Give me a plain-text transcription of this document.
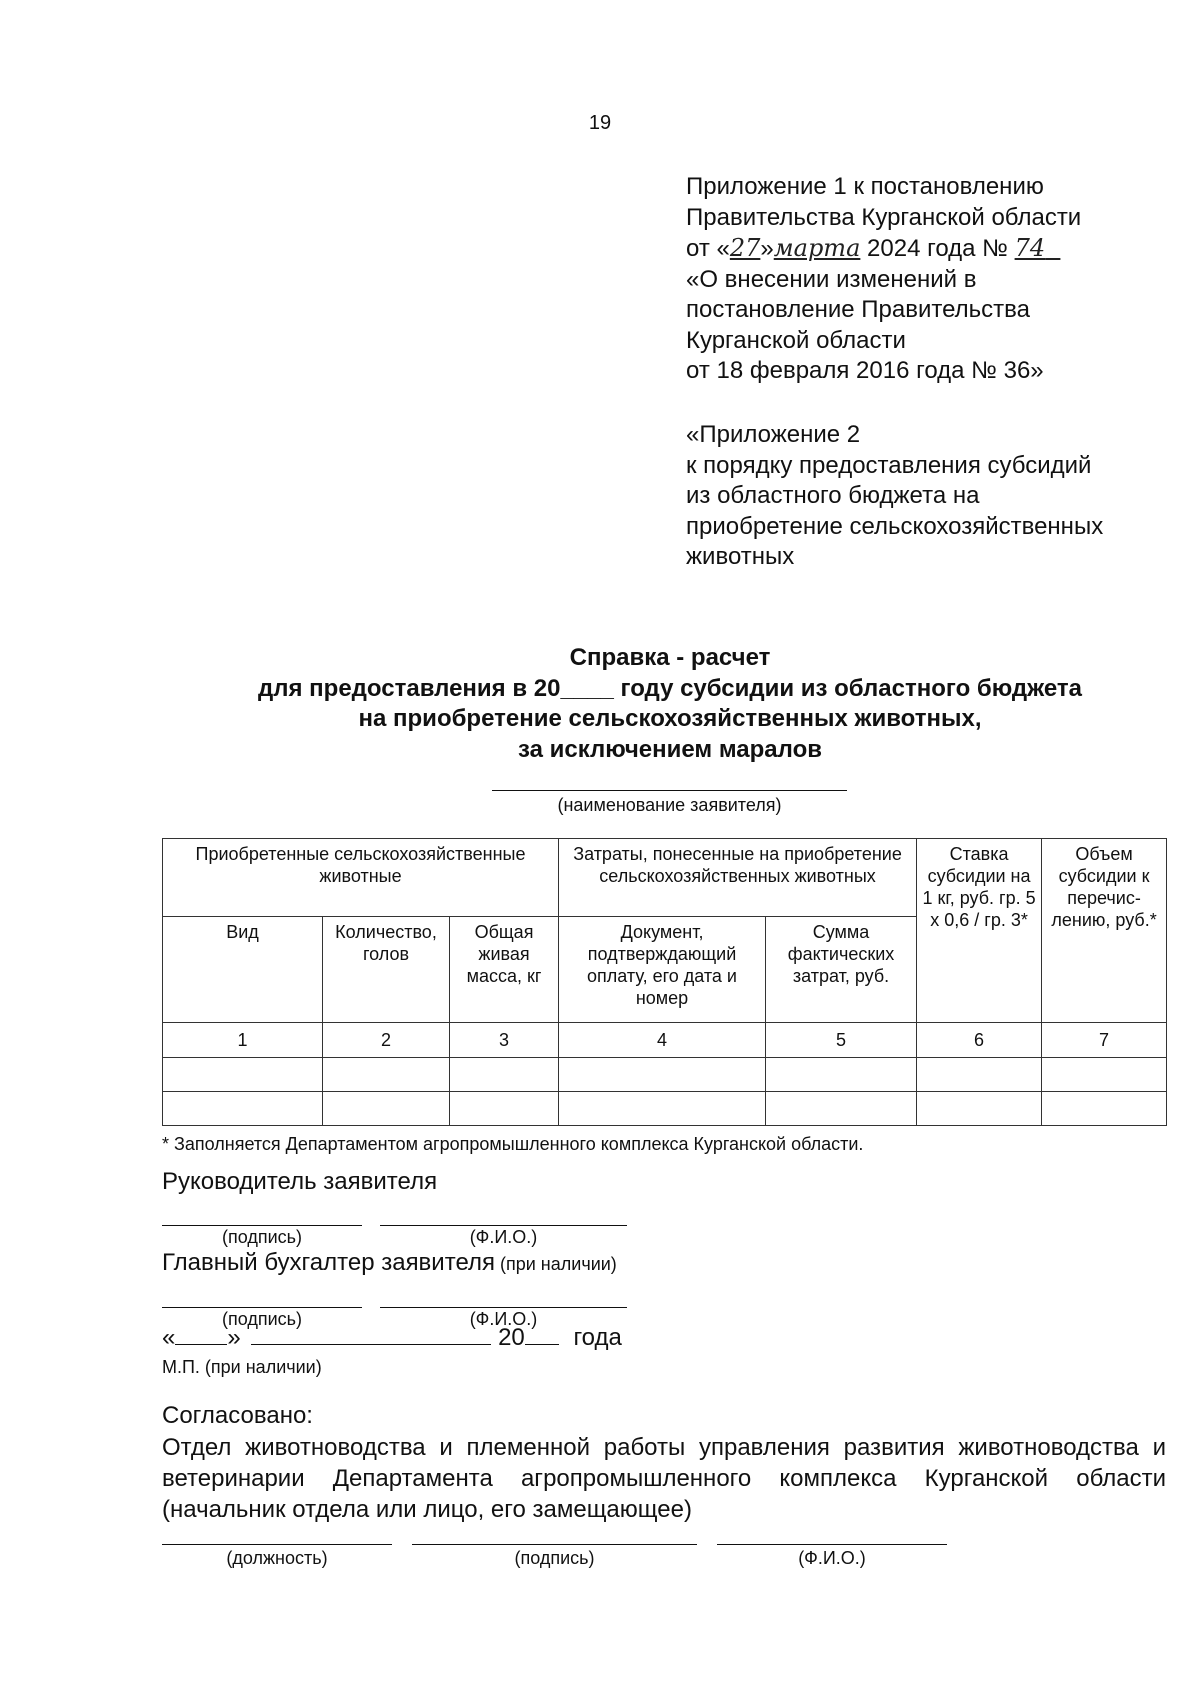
19
Приложение 1 к постановлению
Правительства Курганской области
от «27»марта 2024 года № 74
«О внесении изменений в
постановление Правительства
Курганской области
от 18 февраля 2016 года № 36»
«Приложение 2
к порядку предоставления субсидий
из областного бюджета на
приобретение сельскохозяйственных
животных
Справка - расчет
для предоставления в 20____ году субсидии из областного бюджета
на приобретение сельскохозяйственных животных,
за исключением маралов
(наименование заявителя)
Приобретенные сельскохозяйственные животные			Затраты, понесенные на приобретение сельскохозяйственных животных		Ставка субсидии на 1 кг, руб. гр. 5 х 0,6 / гр. 3*	Объем субсидии к перечис-лению, руб.*
Вид	Количество, голов	Общая живая масса, кг	Документ, подтверждающий оплату, его дата и номер	Сумма фактических затрат, руб.		
1	2	3	4	5	6	7

* Заполняется Департаментом агропромышленного комплекса Курганской области.
Руководитель заявителя
(подпись)	(Ф.И.О.)
Главный бухгалтер заявителя (при наличии)
(подпись)	(Ф.И.О.)
« »	20 года
М.П. (при наличии)
Согласовано:
Отдел животноводства и племенной работы управления развития животноводства и ветеринарии Департамента агропромышленного комплекса Курганской области (начальник отдела или лицо, его замещающее)
(должность)	(подпись)	(Ф.И.О.)
